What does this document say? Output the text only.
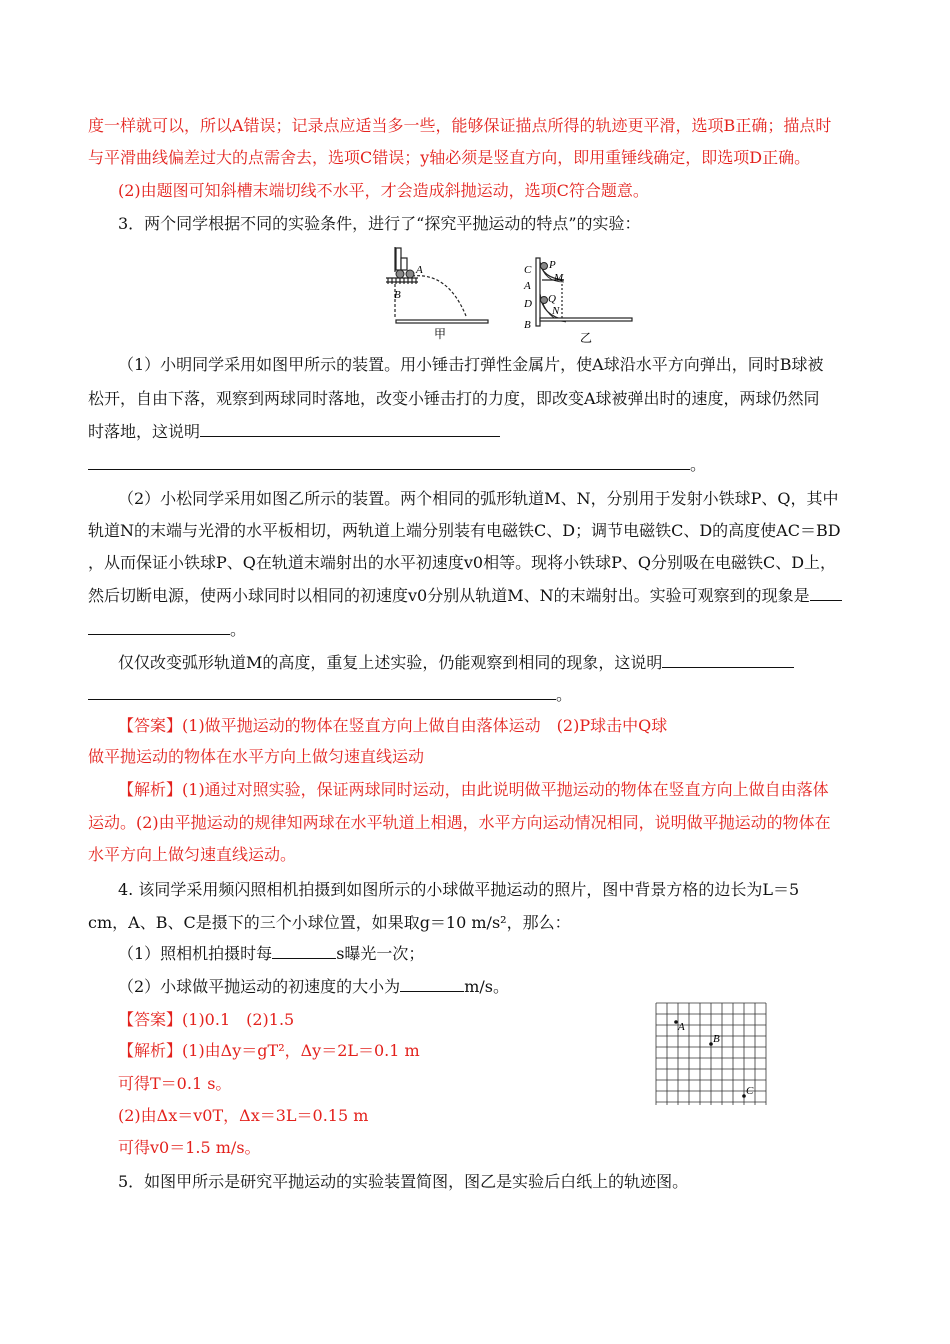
度一样就可以，所以A错误；记录点应适当多一些，能够保证描点所得的轨迹更平滑，选项B正确；描点时
与平滑曲线偏差过大的点需舍去，选项C错误；y轴必须是竖直方向，即用重锤线确定，即选项D正确。
(2)由题图可知斜槽末端切线不水平，才会造成斜抛运动，选项C符合题意。
3．两个同学根据不同的实验条件，进行了“探究平抛运动的特点”的实验：
A
B
甲
C
A
D
B
P
M
Q
N
乙
（1）小明同学采用如图甲所示的装置。用小锤击打弹性金属片，使A球沿水平方向弹出，同时B球被
松开，自由下落，观察到两球同时落地，改变小锤击打的力度，即改变A球被弹出时的速度，两球仍然同
时落地，这说明
。
（2）小松同学采用如图乙所示的装置。两个相同的弧形轨道M、N，分别用于发射小铁球P、Q，其中
轨道N的末端与光滑的水平板相切，两轨道上端分别装有电磁铁C、D；调节电磁铁C、D的高度使AC＝BD
，从而保证小铁球P、Q在轨道末端射出的水平初速度v0相等。现将小铁球P、Q分别吸在电磁铁C、D上，
然后切断电源，使两小球同时以相同的初速度v0分别从轨道M、N的末端射出。实验可观察到的现象是
。
仅仅改变弧形轨道M的高度，重复上述实验，仍能观察到相同的现象，这说明
。
【答案】(1)做平抛运动的物体在竖直方向上做自由落体运动　(2)P球击中Q球
做平抛运动的物体在水平方向上做匀速直线运动
【解析】(1)通过对照实验，保证两球同时运动，由此说明做平抛运动的物体在竖直方向上做自由落体
运动。(2)由平抛运动的规律知两球在水平轨道上相遇，水平方向运动情况相同，说明做平抛运动的物体在
水平方向上做匀速直线运动。
4. 该同学采用频闪照相机拍摄到如图所示的小球做平抛运动的照片，图中背景方格的边长为L＝5
cm，A、B、C是摄下的三个小球位置，如果取g＝10 m/s²，那么：
（1）照相机拍摄时每	s曝光一次；
（2）小球做平抛运动的初速度的大小为	m/s。
A
B
C
【答案】(1)0.1　(2)1.5
【解析】(1)由Δy＝gT²，Δy＝2L＝0.1 m
可得T＝0.1 s。
(2)由Δx＝v0T，Δx＝3L＝0.15 m
可得v0＝1.5 m/s。
5．如图甲所示是研究平抛运动的实验装置简图，图乙是实验后白纸上的轨迹图。
